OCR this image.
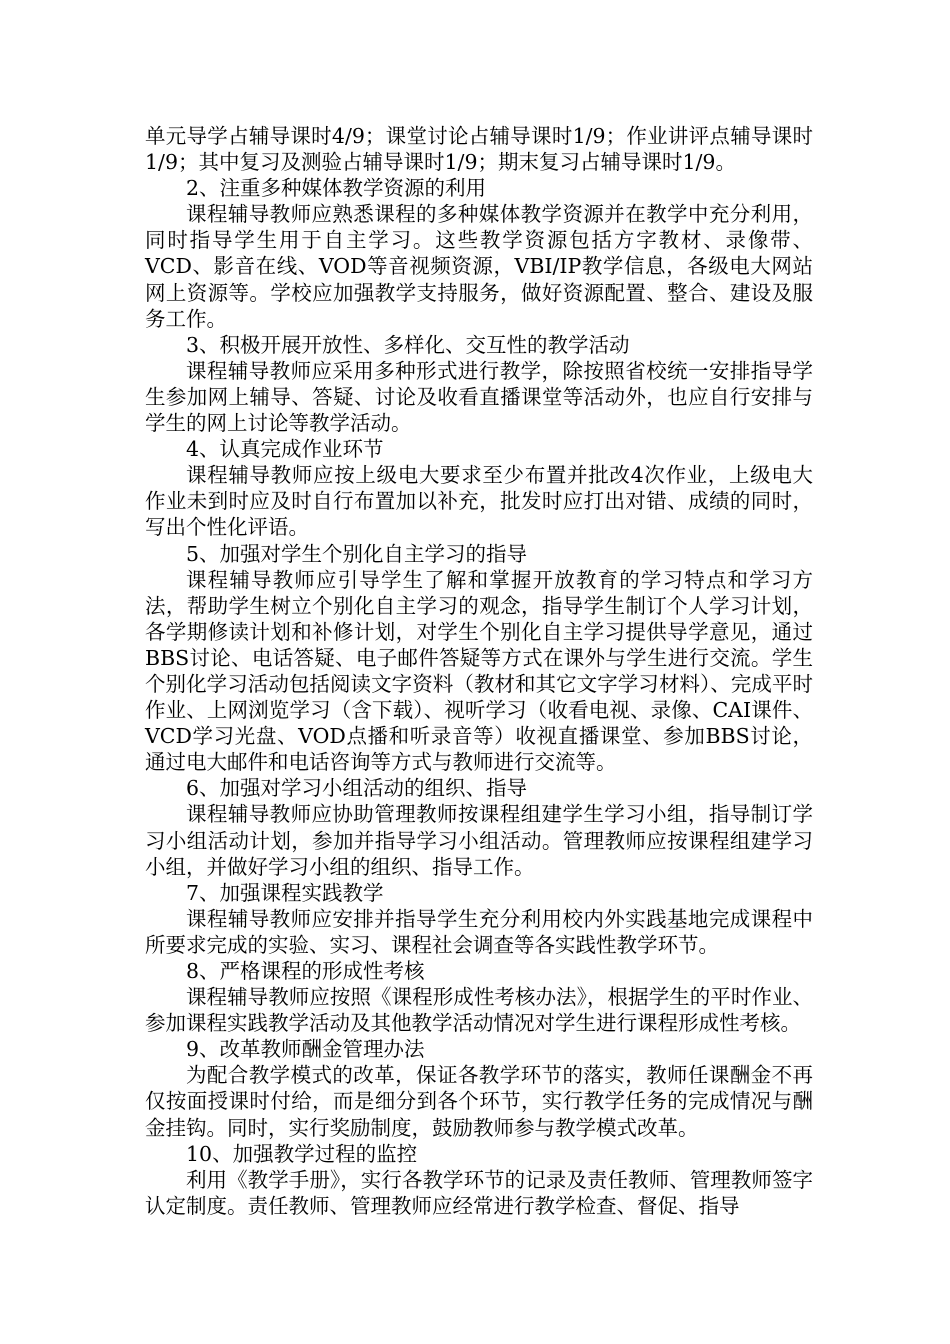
单元导学占辅导课时4/9；课堂讨论占辅导课时1/9；作业讲评点辅导课时1/9；其中复习及测验占辅导课时1/9；期末复习占辅导课时1/9。

2、注重多种媒体教学资源的利用

课程辅导教师应熟悉课程的多种媒体教学资源并在教学中充分利用，同时指导学生用于自主学习。这些教学资源包括方字教材、录像带、VCD、影音在线、VOD等音视频资源，VBI/IP教学信息，各级电大网站网上资源等。学校应加强教学支持服务，做好资源配置、整合、建设及服务工作。

3、积极开展开放性、多样化、交互性的教学活动

课程辅导教师应采用多种形式进行教学，除按照省校统一安排指导学生参加网上辅导、答疑、讨论及收看直播课堂等活动外，也应自行安排与学生的网上讨论等教学活动。

4、认真完成作业环节

课程辅导教师应按上级电大要求至少布置并批改4次作业，上级电大作业未到时应及时自行布置加以补充，批发时应打出对错、成绩的同时，写出个性化评语。

5、加强对学生个别化自主学习的指导

课程辅导教师应引导学生了解和掌握开放教育的学习特点和学习方法，帮助学生树立个别化自主学习的观念，指导学生制订个人学习计划，各学期修读计划和补修计划，对学生个别化自主学习提供导学意见，通过BBS讨论、电话答疑、电子邮件答疑等方式在课外与学生进行交流。学生个别化学习活动包括阅读文字资料（教材和其它文字学习材料）、完成平时作业、上网浏览学习（含下载）、视听学习（收看电视、录像、CAI课件、VCD学习光盘、VOD点播和听录音等）收视直播课堂、参加BBS讨论，通过电大邮件和电话咨询等方式与教师进行交流等。

6、加强对学习小组活动的组织、指导

课程辅导教师应协助管理教师按课程组建学生学习小组，指导制订学习小组活动计划，参加并指导学习小组活动。管理教师应按课程组建学习小组，并做好学习小组的组织、指导工作。

7、加强课程实践教学

课程辅导教师应安排并指导学生充分利用校内外实践基地完成课程中所要求完成的实验、实习、课程社会调查等各实践性教学环节。

8、严格课程的形成性考核

课程辅导教师应按照《课程形成性考核办法》，根据学生的平时作业、参加课程实践教学活动及其他教学活动情况对学生进行课程形成性考核。

9、改革教师酬金管理办法

为配合教学模式的改革，保证各教学环节的落实，教师任课酬金不再仅按面授课时付给，而是细分到各个环节，实行教学任务的完成情况与酬金挂钩。同时，实行奖励制度，鼓励教师参与教学模式改革。

10、加强教学过程的监控

利用《教学手册》，实行各教学环节的记录及责任教师、管理教师签字认定制度。责任教师、管理教师应经常进行教学检查、督促、指导
